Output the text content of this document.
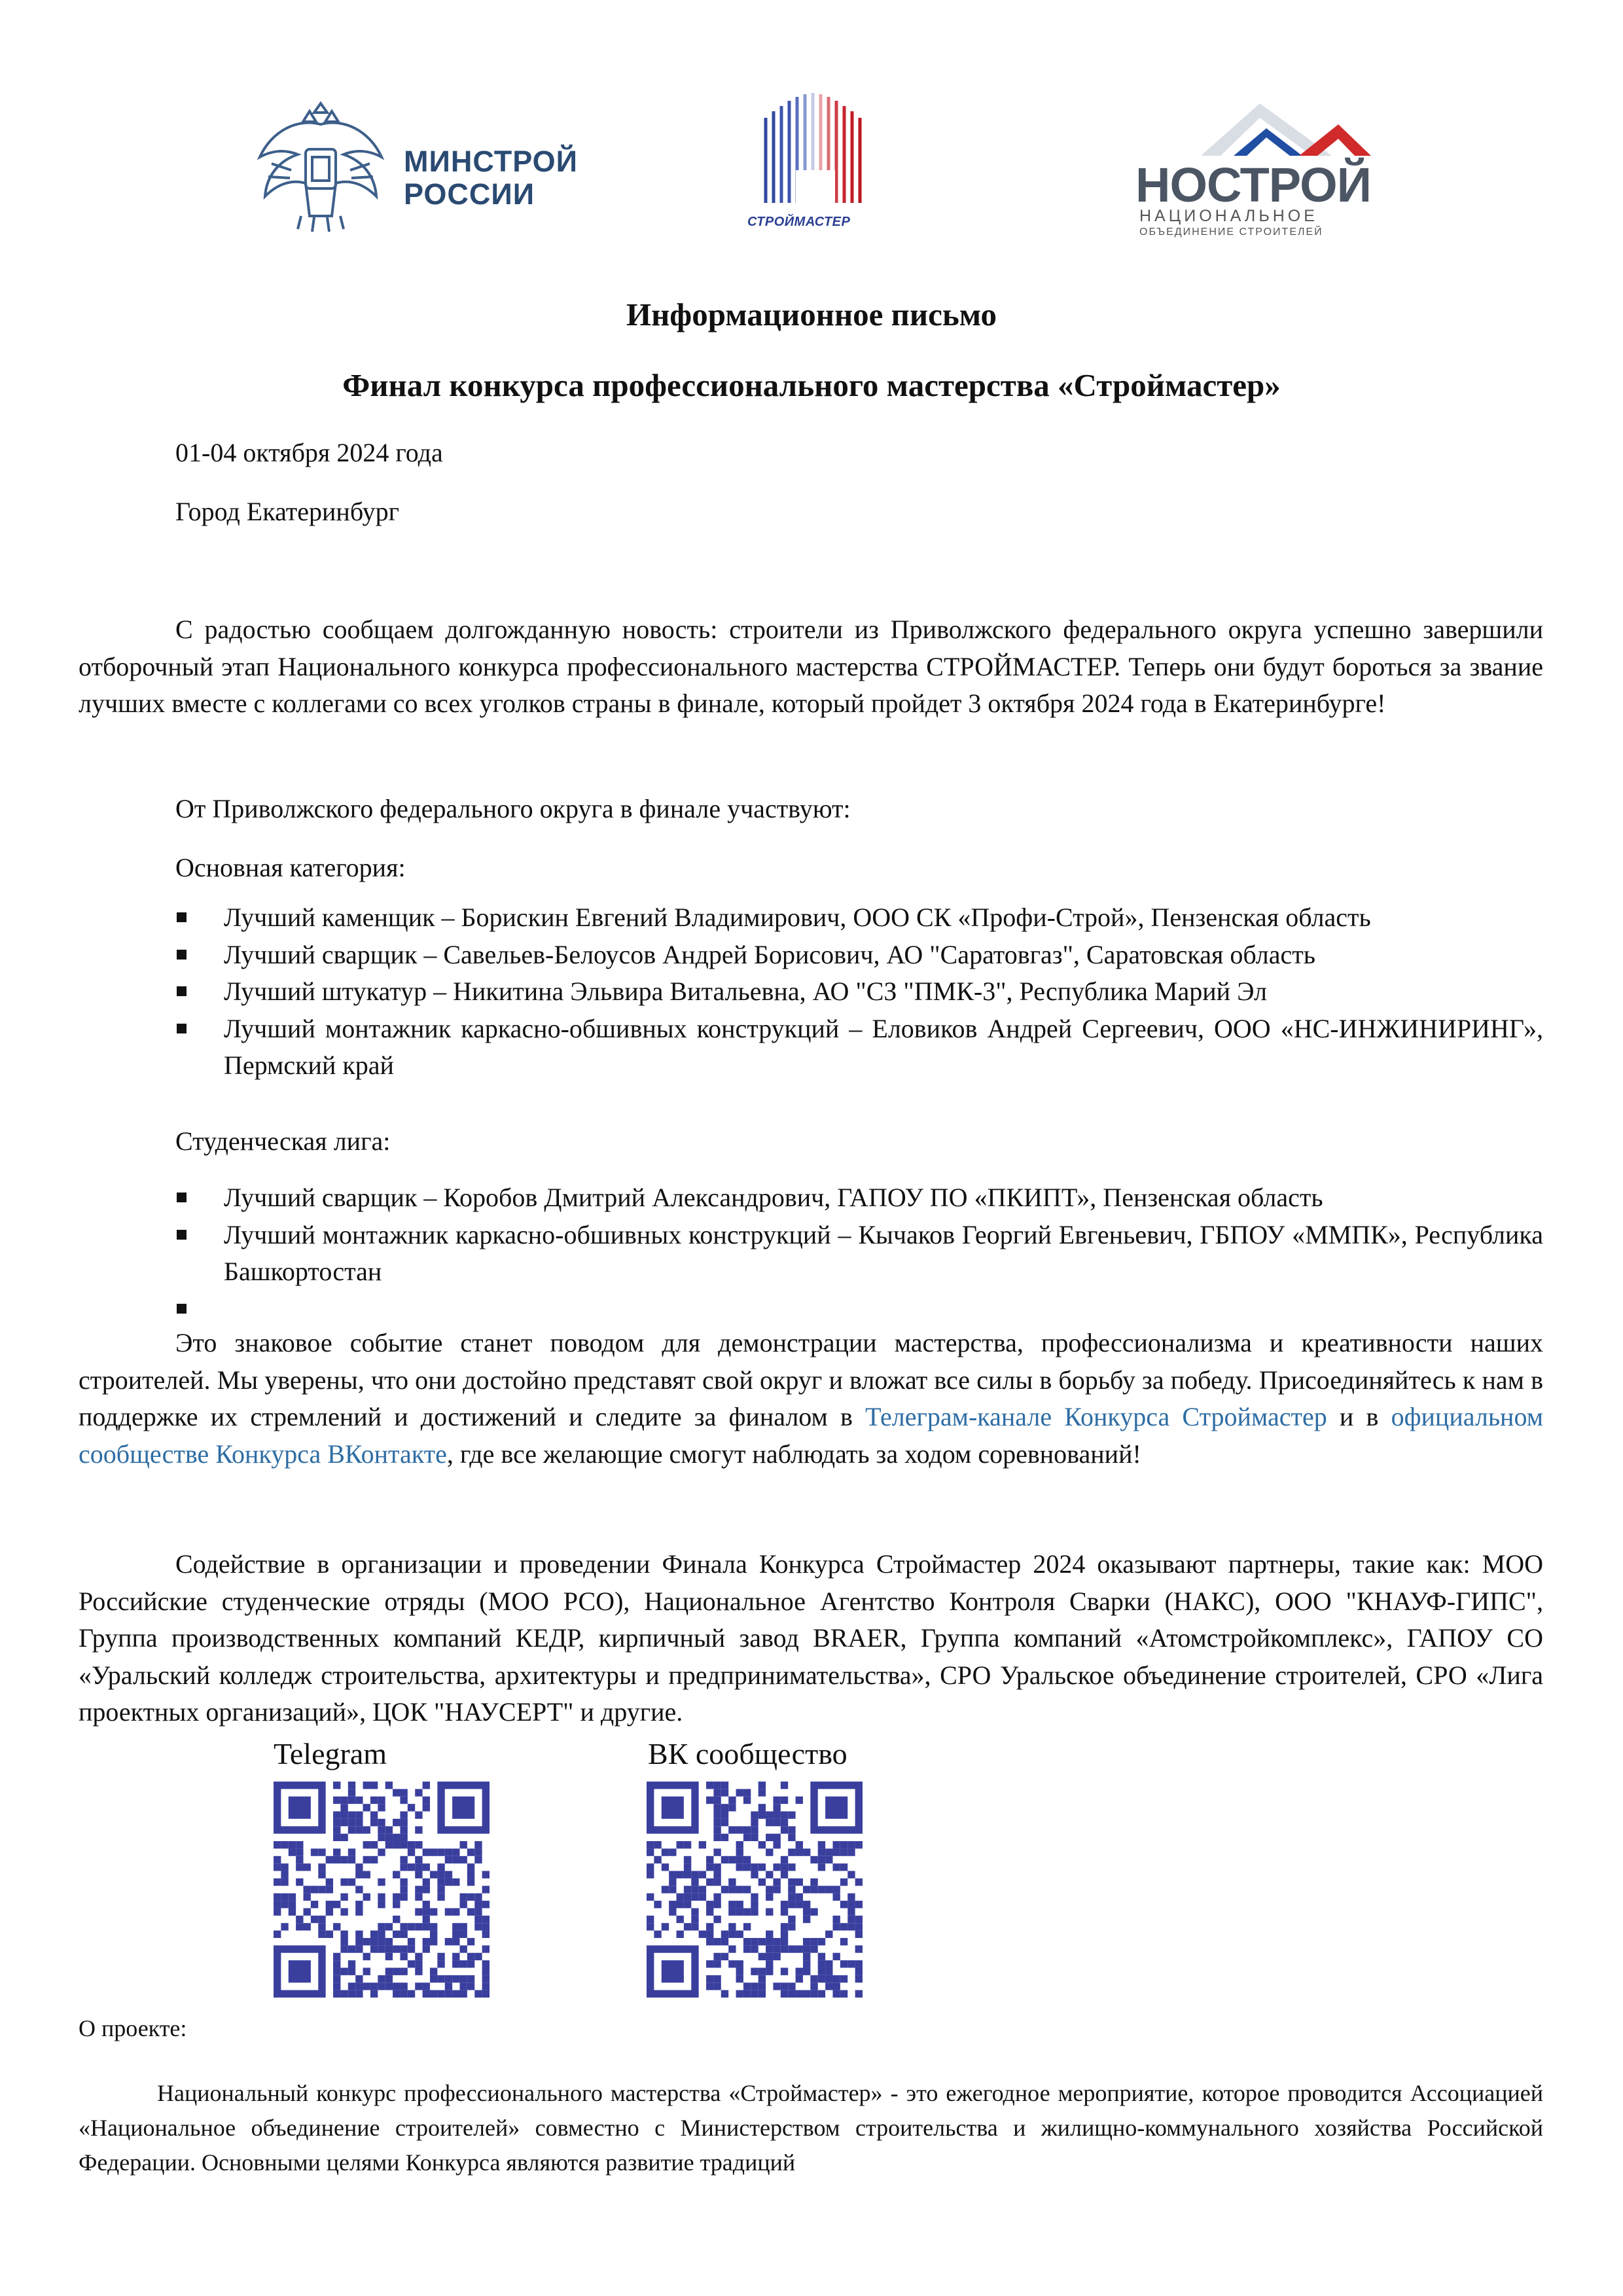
МИНСТРОЙ
РОССИИ
СТРОЙМАСТЕР
НОСТРОЙ
НАЦИОНАЛЬНОЕ
ОБЪЕДИНЕНИЕ СТРОИТЕЛЕЙ
Информационное письмо
Финал конкурса профессионального мастерства «Строймастер»
01-04 октября 2024 года
Город Екатеринбург
С радостью сообщаем долгожданную новость: строители из Приволжского федерального округа успешно завершили отборочный этап Национального конкурса профессионального мастерства СТРОЙМАСТЕР. Теперь они будут бороться за звание лучших вместе с коллегами со всех уголков страны в финале, который пройдет 3 октября 2024 года в Екатеринбурге!
От Приволжского федерального округа в финале участвуют:
Основная категория:
Лучший каменщик – Борискин Евгений Владимирович, ООО СК «Профи-Строй», Пензенская область
Лучший сварщик – Савельев-Белоусов Андрей Борисович, АО "Саратовгаз", Саратовская область
Лучший штукатур – Никитина Эльвира Витальевна, АО "СЗ "ПМК-3", Республика Марий Эл
Лучший монтажник каркасно-обшивных конструкций – Еловиков Андрей Сергеевич, ООО «НС-ИНЖИНИРИНГ», Пермский край
Студенческая лига:
Лучший сварщик – Коробов Дмитрий Александрович, ГАПОУ ПО «ПКИПТ», Пензенская область
Лучший монтажник каркасно-обшивных конструкций – Кычаков Георгий Евгеньевич, ГБПОУ «ММПК», Республика Башкортостан
Это знаковое событие станет поводом для демонстрации мастерства, профессионализма и креативности наших строителей. Мы уверены, что они достойно представят свой округ и вложат все силы в борьбу за победу. Присоединяйтесь к нам в поддержке их стремлений и достижений и следите за финалом в Телеграм-канале Конкурса Строймастер и в официальном сообществе Конкурса ВКонтакте, где все желающие смогут наблюдать за ходом соревнований!
Содействие в организации и проведении Финала Конкурса Строймастер 2024 оказывают партнеры, такие как: МОО Российские студенческие отряды (МОО РСО), Национальное Агентство Контроля Сварки (НАКС), ООО "КНАУФ-ГИПС", Группа производственных компаний КЕДР, кирпичный завод BRAER, Группа компаний «Атомстройкомплекс», ГАПОУ СО «Уральский колледж строительства, архитектуры и предпринимательства», СРО Уральское объединение строителей, СРО «Лига проектных организаций», ЦОК "НАУСЕРТ" и другие.
Telegram	ВК сообщество
О проекте:
Национальный конкурс профессионального мастерства «Строймастер» - это ежегодное мероприятие, которое проводится Ассоциацией «Национальное объединение строителей» совместно с Министерством строительства и жилищно-коммунального хозяйства Российской Федерации. Основными целями Конкурса являются развитие традиций
